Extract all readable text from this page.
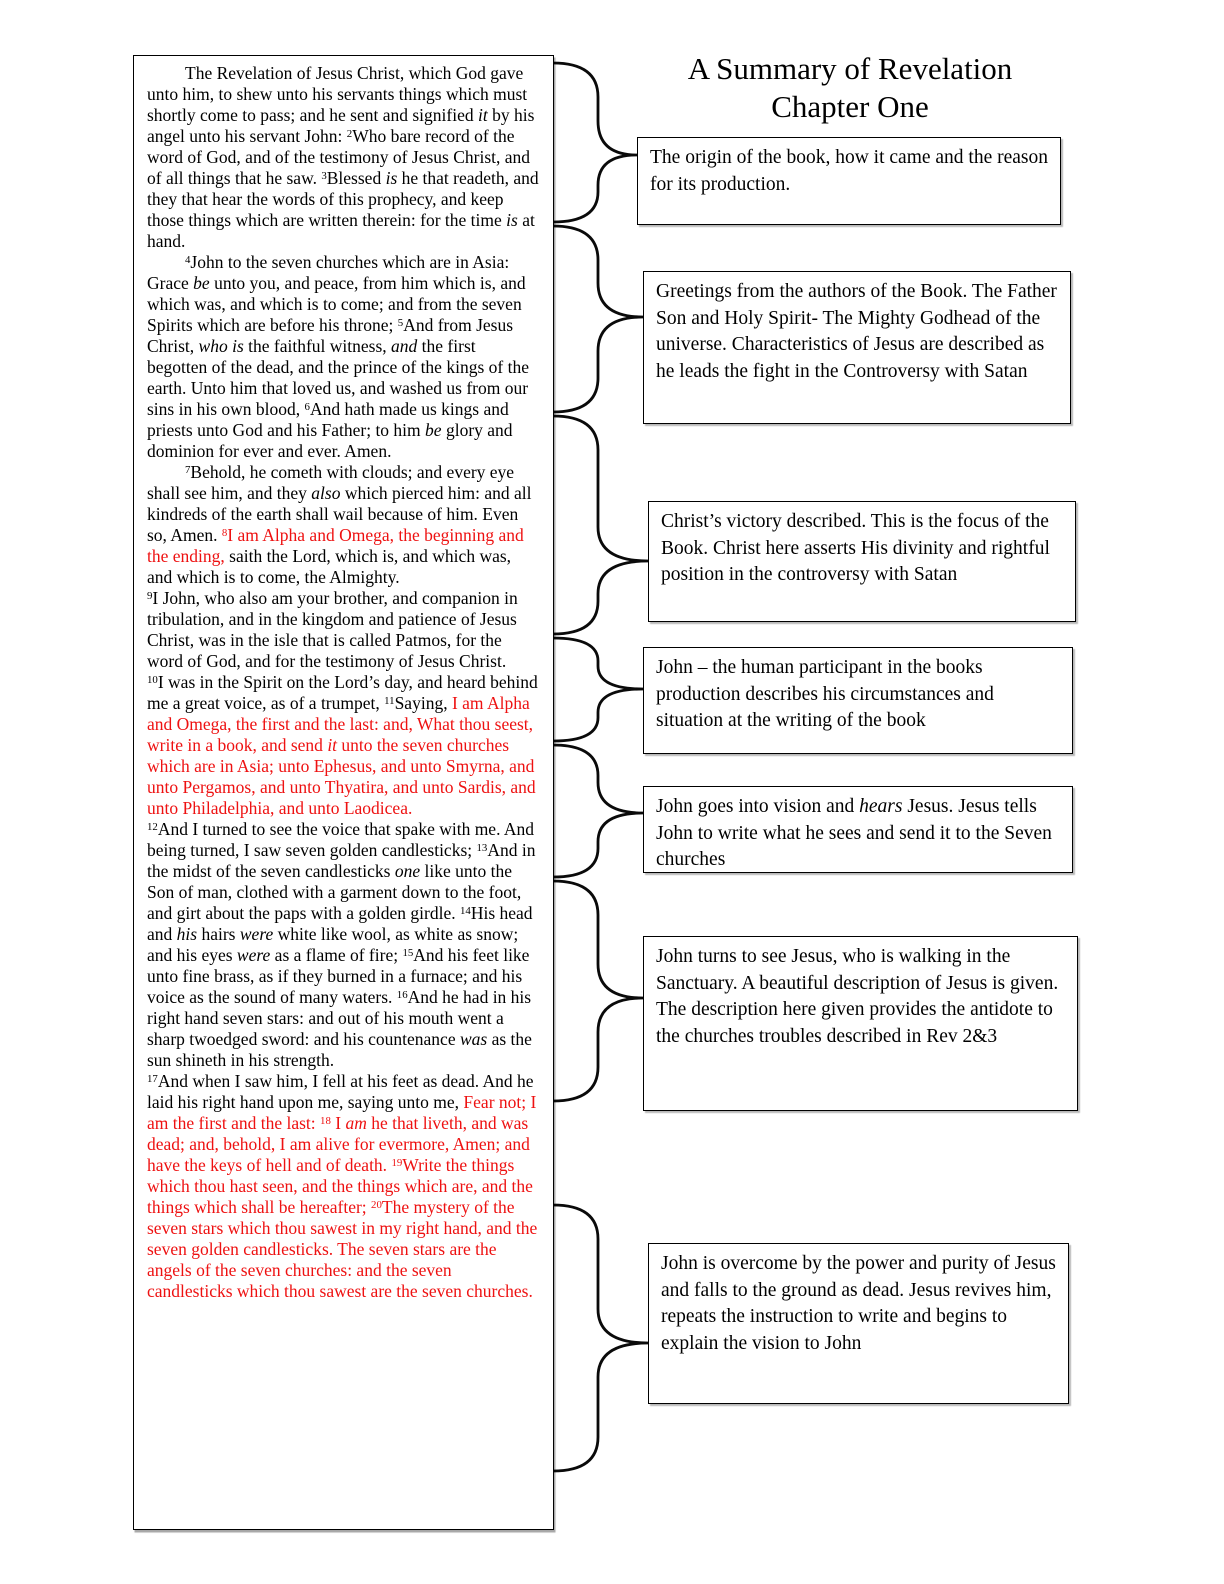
The Revelation of Jesus Christ, which God gave unto him, to shew unto his servants things which must shortly come to pass; and he sent and signified it by his angel unto his servant John: $^2$Who bare record of the word of God, and of the testimony of Jesus Christ, and of all things that he saw. $^3$Blessed is he that readeth, and they that hear the words of this prophecy, and keep those things which are written therein: for the time is at hand.

$^4$John to the seven churches which are in Asia: Grace be unto you, and peace, from him which is, and which was, and which is to come; and from the seven Spirits which are before his throne; $^5$And from Jesus Christ, who is the faithful witness, and the first begotten of the dead, and the prince of the kings of the earth. Unto him that loved us, and washed us from our sins in his own blood, $^6$And hath made us kings and priests unto God and his Father; to him be glory and dominion for ever and ever. Amen.

$^7$Behold, he cometh with clouds; and every eye shall see him, and they also which pierced him: and all kindreds of the earth shall wail because of him. Even so, Amen. $^8$I am Alpha and Omega, the beginning and the ending, saith the Lord, which is, and which was, and which is to come, the Almighty.

$^9$I John, who also am your brother, and companion in tribulation, and in the kingdom and patience of Jesus Christ, was in the isle that is called Patmos, for the word of God, and for the testimony of Jesus Christ.

$^{10}$I was in the Spirit on the Lord’s day, and heard behind me a great voice, as of a trumpet, $^{11}$Saying, I am Alpha and Omega, the first and the last: and, What thou seest, write in a book, and send it unto the seven churches which are in Asia; unto Ephesus, and unto Smyrna, and unto Pergamos, and unto Thyatira, and unto Sardis, and unto Philadelphia, and unto Laodicea.

$^{12}$And I turned to see the voice that spake with me. And being turned, I saw seven golden candlesticks; $^{13}$And in the midst of the seven candlesticks one like unto the Son of man, clothed with a garment down to the foot, and girt about the paps with a golden girdle. $^{14}$His head and his hairs were white like wool, as white as snow; and his eyes were as a flame of fire; $^{15}$And his feet like unto fine brass, as if they burned in a furnace; and his voice as the sound of many waters. $^{16}$And he had in his right hand seven stars: and out of his mouth went a sharp twoedged sword: and his countenance was as the sun shineth in his strength.

$^{17}$And when I saw him, I fell at his feet as dead. And he laid his right hand upon me, saying unto me, Fear not; I am the first and the last: $^{18}$ I am he that liveth, and was dead; and, behold, I am alive for evermore, Amen; and have the keys of hell and of death. $^{19}$Write the things which thou hast seen, and the things which are, and the things which shall be hereafter; $^{20}$The mystery of the seven stars which thou sawest in my right hand, and the seven golden candlesticks. The seven stars are the angels of the seven churches: and the seven candlesticks which thou sawest are the seven churches.

A Summary of Revelation
Chapter One
The origin of the book, how it came and the reason for its production.
Greetings from the authors of the Book. The Father Son and Holy Spirit- The Mighty Godhead of the universe. Characteristics of Jesus are described as he leads the fight in the Controversy with Satan
Christ’s victory described. This is the focus of the Book. Christ here asserts His divinity and rightful position in the controversy with Satan
John – the human participant in the books production describes his circumstances and situation at the writing of the book
John goes into vision and hears Jesus. Jesus tells John to write what he sees and send it to the Seven churches
John turns to see Jesus, who is walking in the Sanctuary. A beautiful description of Jesus is given. The description here given provides the antidote to the churches troubles described in Rev 2&3
John is overcome by the power and purity of Jesus and falls to the ground as dead. Jesus revives him, repeats the instruction to write and begins to explain the vision to John
